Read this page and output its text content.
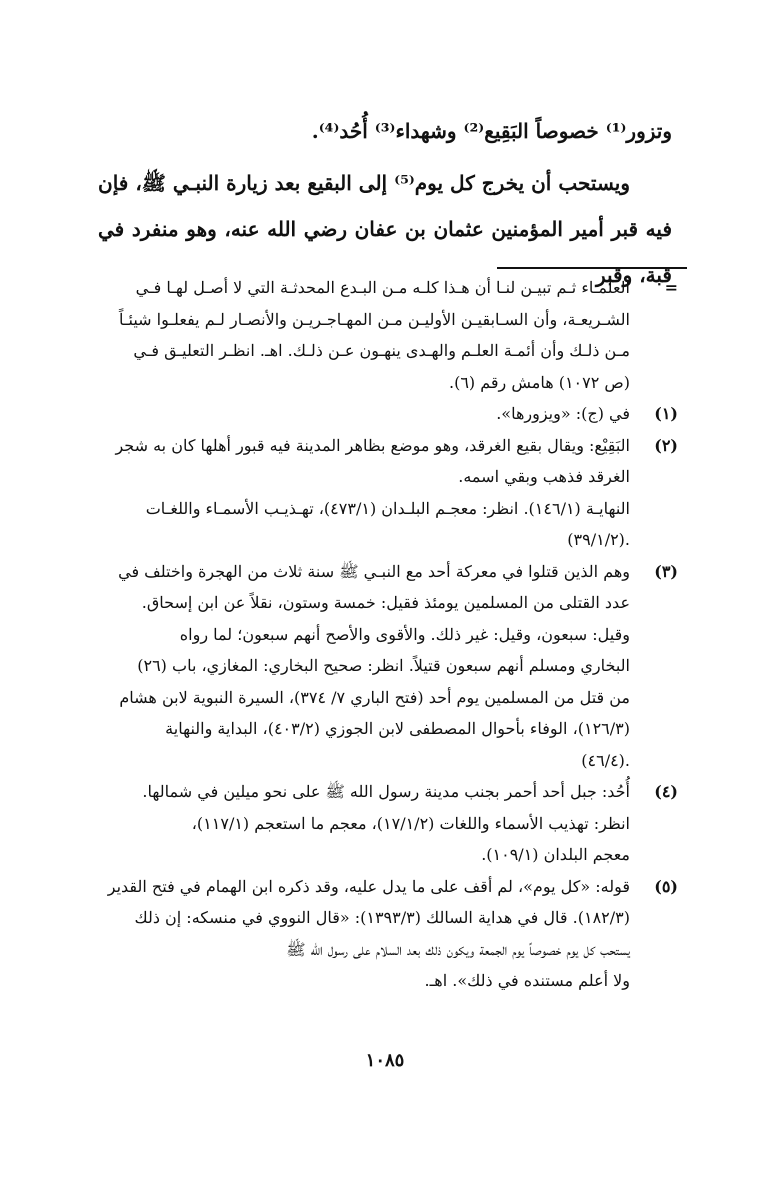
وتزور⁽¹⁾ خصوصاً البَقِيع⁽²⁾ وشهداء⁽³⁾ أُحُد⁽⁴⁾.

ويستحب أن يخرج كل يوم⁽⁵⁾ إلى البقيع بعد زيارة النبـي ﷺ، فإن فيه قبر أمير المؤمنين عثمان بن عفان رضي الله عنه، وهو منفرد في قبة، وقبر

=
العلمـاء ثـم تبيـن لنـا أن هـذا كلـه مـن البـدع المحدثـة التي لا أصـل لهـا فـي
الشـريعـة، وأن السـابقيـن الأوليـن مـن المهـاجـريـن والأنصـار لـم يفعلـوا شيئـاً
مـن ذلـك وأن أئمـة العلـم والهـدى ينهـون عـن ذلـك. اهـ. انظـر التعليـق فـي
(ص ١٠٧٢) هامش رقم (٦).
(١)
في (ج): «ويزورها».
(٢)
البَقِيْع: ويقال بقيع الغرقد، وهو موضع بظاهر المدينة فيه قبور أهلها كان به شجر
الغرقد فذهب وبقي اسمه.
النهايـة (١٤٦/١). انظر: معجـم البلـدان (٤٧٣/١)، تهـذيـب الأسمـاء واللغـات
.(٣٩/١/٢)
(٣)
وهم الذين قتلوا في معركة أحد مع النبـي ﷺ سنة ثلاث من الهجرة واختلف في
عدد القتلى من المسلمين يومئذ فقيل: خمسة وستون، نقلاً عن ابن إسحاق.
وقيل: سبعون، وقيل: غير ذلك. والأقوى والأصح أنهم سبعون؛ لما رواه
البخاري ومسلم أنهم سبعون قتيلاً. انظر: صحيح البخاري: المغازي، باب (٢٦)
من قتل من المسلمين يوم أحد (فتح الباري ٧/ ٣٧٤)، السيرة النبوية لابن هشام
(١٢٦/٣)، الوفاء بأحوال المصطفى لابن الجوزي (٤٠٣/٢)، البداية والنهاية
.(٤٦/٤)
(٤)
أُحُد: جبل أحد أحمر بجنب مدينة رسول الله ﷺ على نحو ميلين في شمالها.
انظر: تهذيب الأسماء واللغات (١٧/١/٢)، معجم ما استعجم (١١٧/١)،
معجم البلدان (١٠٩/١).
(٥)
قوله: «كل يوم»، لم أقف على ما يدل عليه، وقد ذكره ابن الهمام في فتح القدير
(١٨٢/٣). قال في هداية السالك (١٣٩٣/٣): «قال النووي في منسكه: إن ذلك
يستحب كل يوم خصوصاً يوم الجمعة ويكون ذلك بعد السلام على رسول الله ﷺ
ولا أعلم مستنده في ذلك». اهـ.
١٠٨٥
